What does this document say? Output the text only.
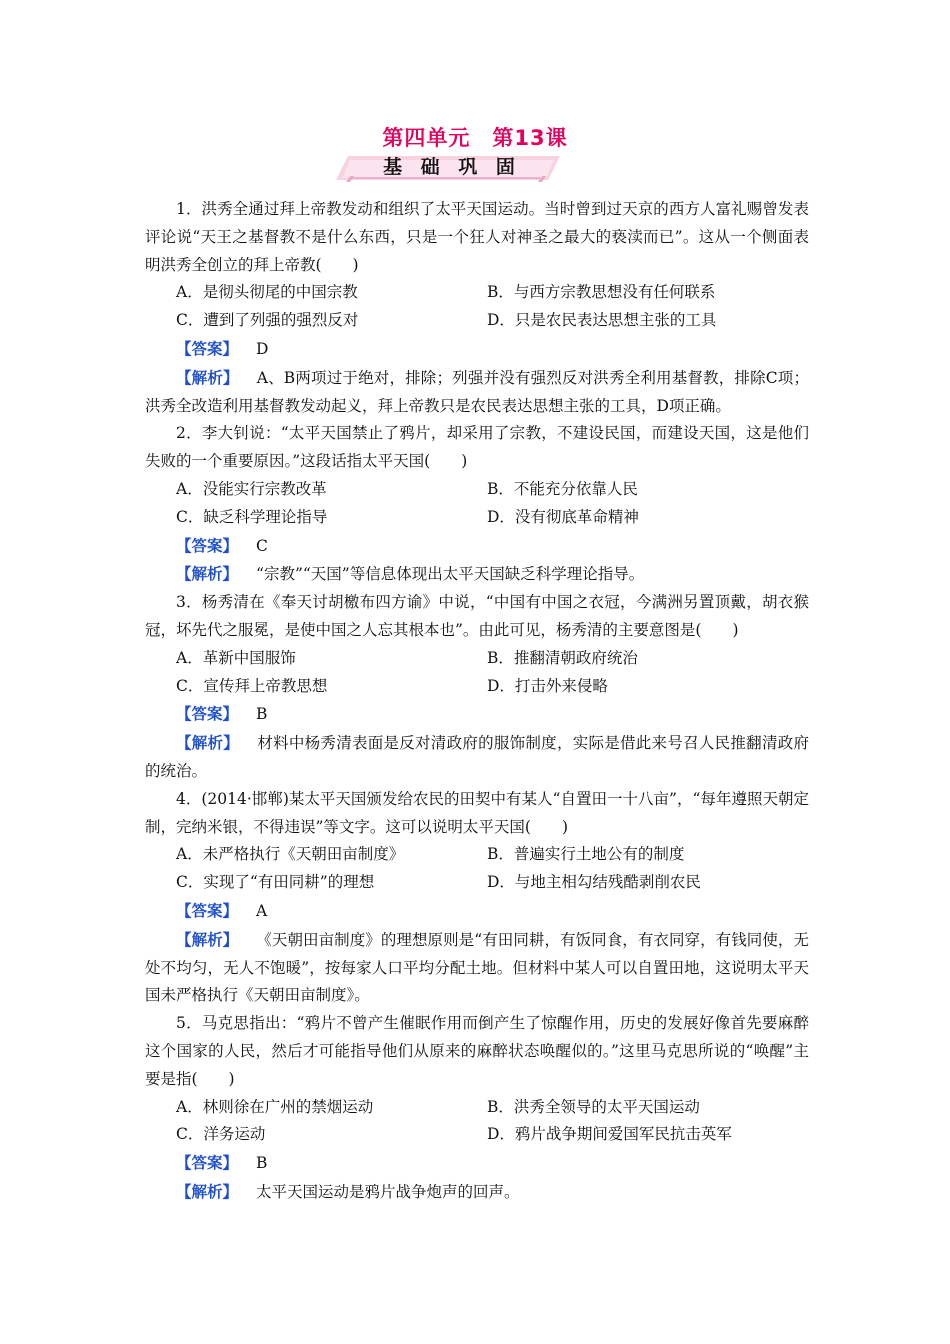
第四单元　第13课
基 础 巩 固

1．洪秀全通过拜上帝教发动和组织了太平天国运动。当时曾到过天京的西方人富礼赐曾发表评论说“天王之基督教不是什么东西，只是一个狂人对神圣之最大的亵渎而已”。这从一个侧面表明洪秀全创立的拜上帝教(　　)

A．是彻头彻尾的中国宗教	B．与西方宗教思想没有任何联系
C．遭到了列强的强烈反对	D．只是农民表达思想主张的工具

【答案】 D

【解析】 A、B两项过于绝对，排除；列强并没有强烈反对洪秀全利用基督教，排除C项；洪秀全改造利用基督教发动起义，拜上帝教只是农民表达思想主张的工具，D项正确。

2．李大钊说：“太平天国禁止了鸦片，却采用了宗教，不建设民国，而建设天国，这是他们失败的一个重要原因。”这段话指太平天国(　　)

A．没能实行宗教改革	B．不能充分依靠人民
C．缺乏科学理论指导	D．没有彻底革命精神

【答案】 C

【解析】 “宗教”“天国”等信息体现出太平天国缺乏科学理论指导。

3．杨秀清在《奉天讨胡檄布四方谕》中说，“中国有中国之衣冠，今满洲另置顶戴，胡衣猴冠，坏先代之服冕，是使中国之人忘其根本也”。由此可见，杨秀清的主要意图是(　　)

A．革新中国服饰	B．推翻清朝政府统治
C．宣传拜上帝教思想	D．打击外来侵略

【答案】 B

【解析】 材料中杨秀清表面是反对清政府的服饰制度，实际是借此来号召人民推翻清政府的统治。

4．(2014·邯郸)某太平天国颁发给农民的田契中有某人“自置田一十八亩”，“每年遵照天朝定制，完纳米银，不得违误”等文字。这可以说明太平天国(　　)

A．未严格执行《天朝田亩制度》	B．普遍实行土地公有的制度
C．实现了“有田同耕”的理想	D．与地主相勾结残酷剥削农民

【答案】 A

【解析】 《天朝田亩制度》的理想原则是“有田同耕，有饭同食，有衣同穿，有钱同使，无处不均匀，无人不饱暖”，按每家人口平均分配土地。但材料中某人可以自置田地，这说明太平天国未严格执行《天朝田亩制度》。

5．马克思指出：“鸦片不曾产生催眠作用而倒产生了惊醒作用，历史的发展好像首先要麻醉这个国家的人民，然后才可能指导他们从原来的麻醉状态唤醒似的。”这里马克思所说的“唤醒”主要是指(　　)

A．林则徐在广州的禁烟运动	B．洪秀全领导的太平天国运动
C．洋务运动	D．鸦片战争期间爱国军民抗击英军

【答案】 B

【解析】 太平天国运动是鸦片战争炮声的回声。
